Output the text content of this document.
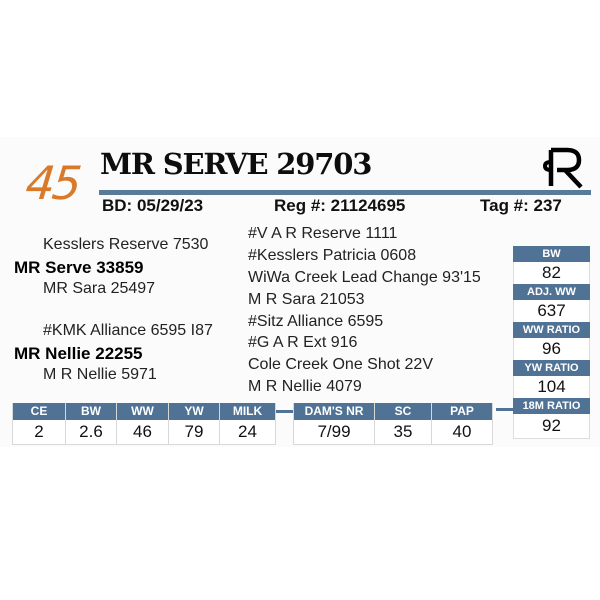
45 MR SERVE 29703
BD: 05/29/23	Reg #: 21124695	Tag #: 237
Kesslers Reserve 7530
MR Serve 33859
MR Sara 25497
#KMK Alliance 6595 I87
MR Nellie 22255
M R Nellie 5971
#V A R Reserve 1111
#Kesslers Patricia 0608
WiWa Creek Lead Change 93'15
M R Sara 21053
#Sitz Alliance 6595
#G A R Ext 916
Cole Creek One Shot 22V
M R Nellie 4079
BW
82
ADJ. WW
637
WW RATIO
96
YW RATIO
104
18M RATIO
92
CE
2
BW
2.6
WW
46
YW
79
MILK
24
DAM'S NR
7/99
SC
35
PAP
40
